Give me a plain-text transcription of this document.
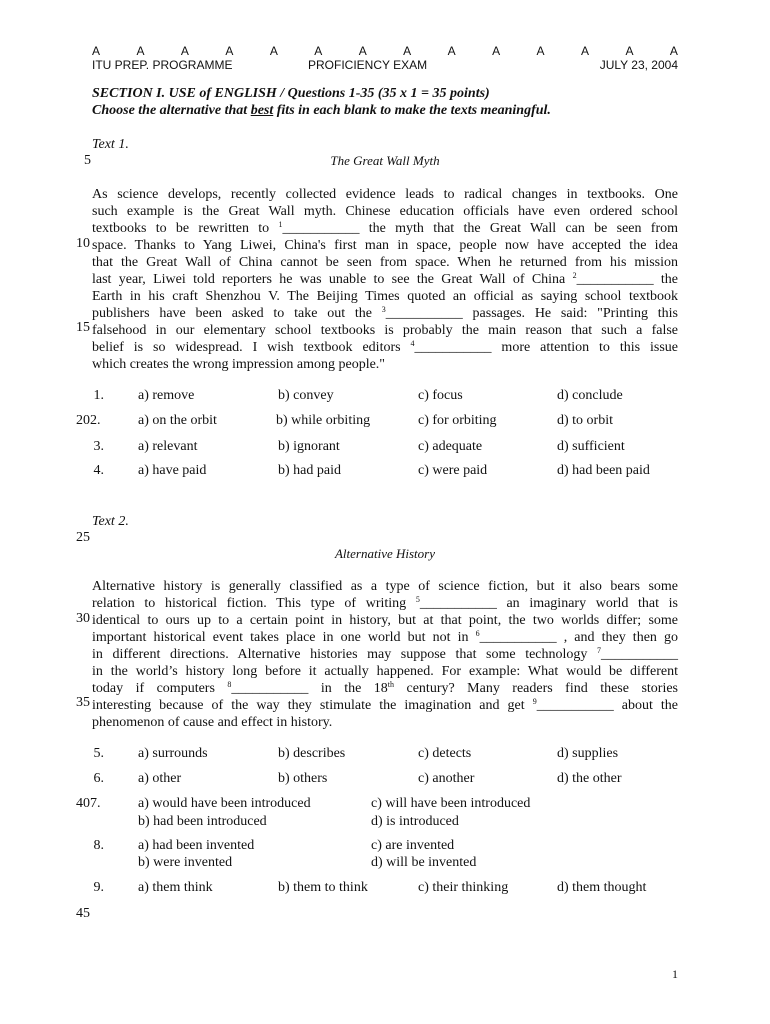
A	A	A	A	A	A	A	A	A	A	A	A	A	A
ITU PREP. PROGRAMME	PROFICIENCY EXAM	JULY 23, 2004
SECTION I. USE of ENGLISH / Questions 1-35 (35 x 1 = 35 points)
Choose the alternative that best fits in each blank to make the texts meaningful.
5
10
15
25
30
35
45
Text 1.
The Great Wall Myth
As science develops, recently collected evidence leads to radical changes in textbooks. One
such example is the Great Wall myth. Chinese education officials have even ordered school
textbooks to be rewritten to $^1$___________ the myth that the Great Wall can be seen from
space. Thanks to Yang Liwei, China's first man in space, people now have accepted the idea
that the Great Wall of China cannot be seen from space. When he returned from his mission
last year, Liwei told reporters he was unable to see the Great Wall of China $^2$___________ the
Earth in his craft Shenzhou V. The Beijing Times quoted an official as saying school textbook
publishers have been asked to take out the $^3$___________ passages. He said: "Printing this
falsehood in our elementary school textbooks is probably the main reason that such a false
belief is so widespread. I wish textbook editors $^4$___________ more attention to this issue
which creates the wrong impression among people."
1. a) remove	b) convey	c) focus	d) conclude
20 2.	a) on the orbit	b) while orbiting	c) for orbiting	d) to orbit
3. a) relevant	b) ignorant	c) adequate	d) sufficient
4. a) have paid	b) had paid	c) were paid	d) had been paid
Text 2.
Alternative History
Alternative history is generally classified as a type of science fiction, but it also bears some
relation to historical fiction. This type of writing $^5$___________ an imaginary world that is
identical to ours up to a certain point in history, but at that point, the two worlds differ; some
important historical event takes place in one world but not in $^6$___________ , and they then go
in different directions. Alternative histories may suppose that some technology $^7$___________
in the world’s history long before it actually happened. For example: What would be different
today if computers $^8$___________ in the 18th century? Many readers find these stories
interesting because of the way they stimulate the imagination and get $^9$___________ about the
phenomenon of cause and effect in history.
5. a) surrounds	b) describes	c) detects	d) supplies
6. a) other	b) others	c) another	d) the other
40 7.	a) would have been introduced	c) will have been introduced
b) had been introduced	d) is introduced
8. a) had been invented	c) are invented
b) were invented	d) will be invented
9. a) them think	b) them to think	c) their thinking	d) them thought
1
